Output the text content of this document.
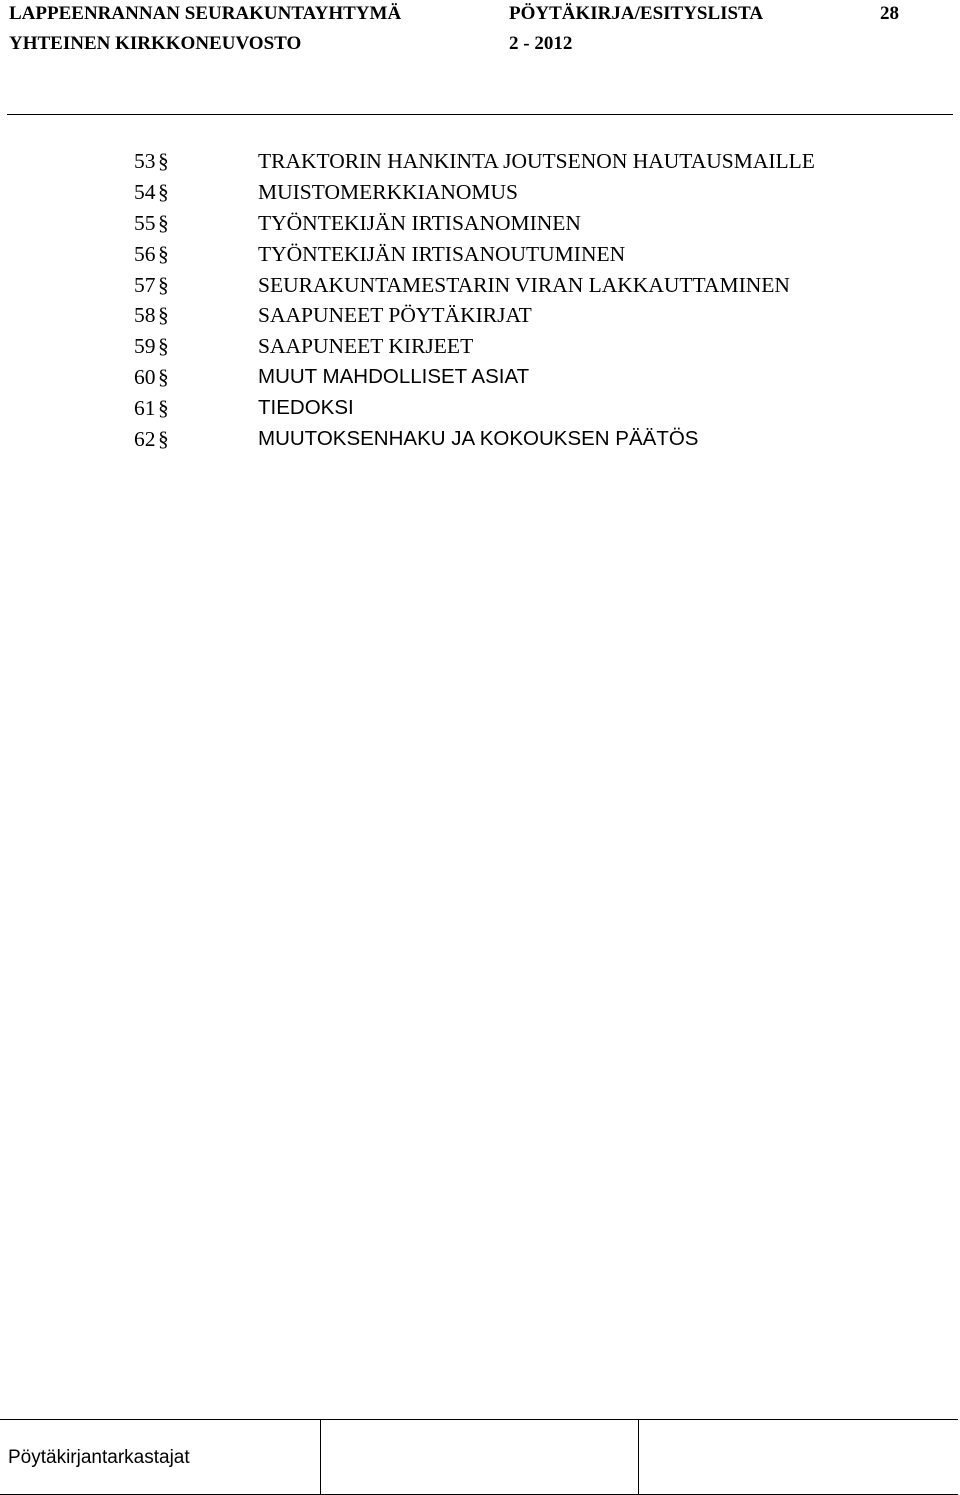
LAPPEENRANNAN SEURAKUNTAYHTYMÄ
YHTEINEN KIRKKONEUVOSTO
PÖYTÄKIRJA/ESITYSLISTA
2 - 2012
28
53 §	TRAKTORIN HANKINTA JOUTSENON HAUTAUSMAILLE
54 §	MUISTOMERKKIANOMUS
55 §	TYÖNTEKIJÄN IRTISANOMINEN
56 §	TYÖNTEKIJÄN IRTISANOUTUMINEN
57 §	SEURAKUNTAMESTARIN VIRAN LAKKAUTTAMINEN
58 §	SAAPUNEET PÖYTÄKIRJAT
59 §	SAAPUNEET KIRJEET
60 §	MUUT MAHDOLLISET ASIAT
61 §	TIEDOKSI
62 §	MUUTOKSENHAKU JA KOKOUKSEN PÄÄTÖS
Pöytäkirjantarkastajat
